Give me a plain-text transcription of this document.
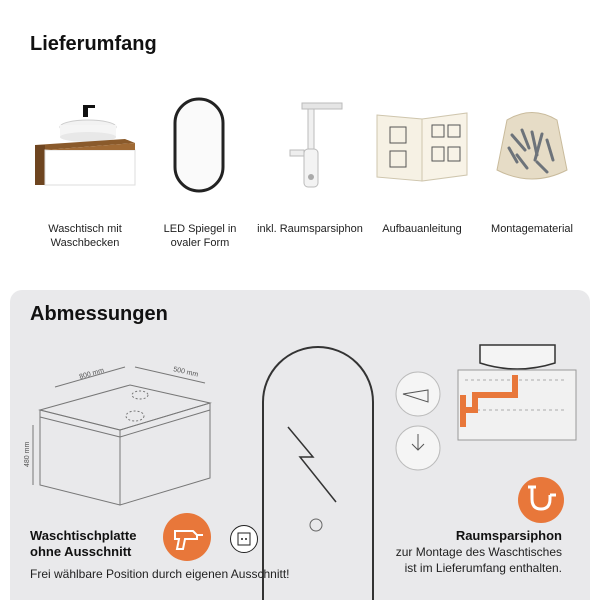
Lieferumfang
Waschtisch mit
Waschbecken
LED Spiegel in
ovaler Form
inkl. Raumsparsiphon	Aufbauanleitung	Montagematerial
Abmessungen
800 mm	500 mm
480 mm
Waschtischplatte
ohne Ausschnitt
Frei wählbare Position durch eigenen Ausschnitt!
Raumsparsiphon
zur Montage des Waschtisches
ist im Lieferumfang enthalten.
